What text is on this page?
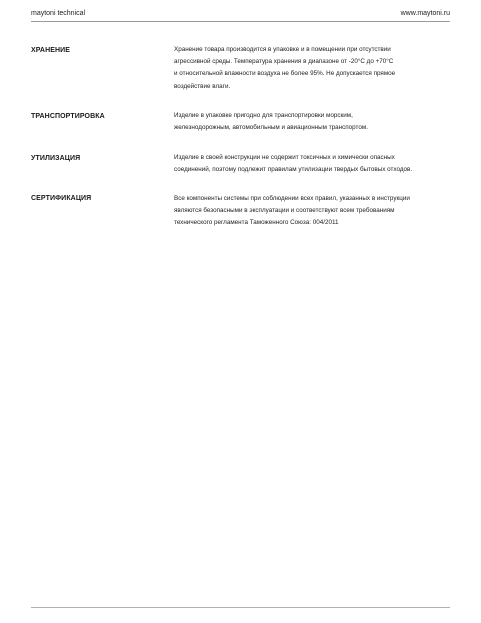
maytoni technical	www.maytoni.ru
ХРАНЕНИЕ	Хранение товара производится в упаковке и в помещении при отсутствии
агрессивной среды. Температура хранения в диапазоне от -20°С до +70°С
и относительной влажности воздуха не более 95%. Не допускается прямое
воздействие влаги.
ТРАНСПОРТИРОВКА	Изделие в упаковке пригодно для транспортировки морским,
железнодорожным, автомобильным и авиационным транспортом.
УТИЛИЗАЦИЯ	Изделие в своей конструкции не содержит токсичных и химически опасных
соединений, поэтому подлежит правилам утилизации твердых бытовых отходов.
СЕРТИФИКАЦИЯ	Все компоненты системы при соблюдении всех правил, указанных в инструкции
являются безопасными в эксплуатации и соответствуют всем требованиям
технического регламента Таможенного Союза: 004/2011
